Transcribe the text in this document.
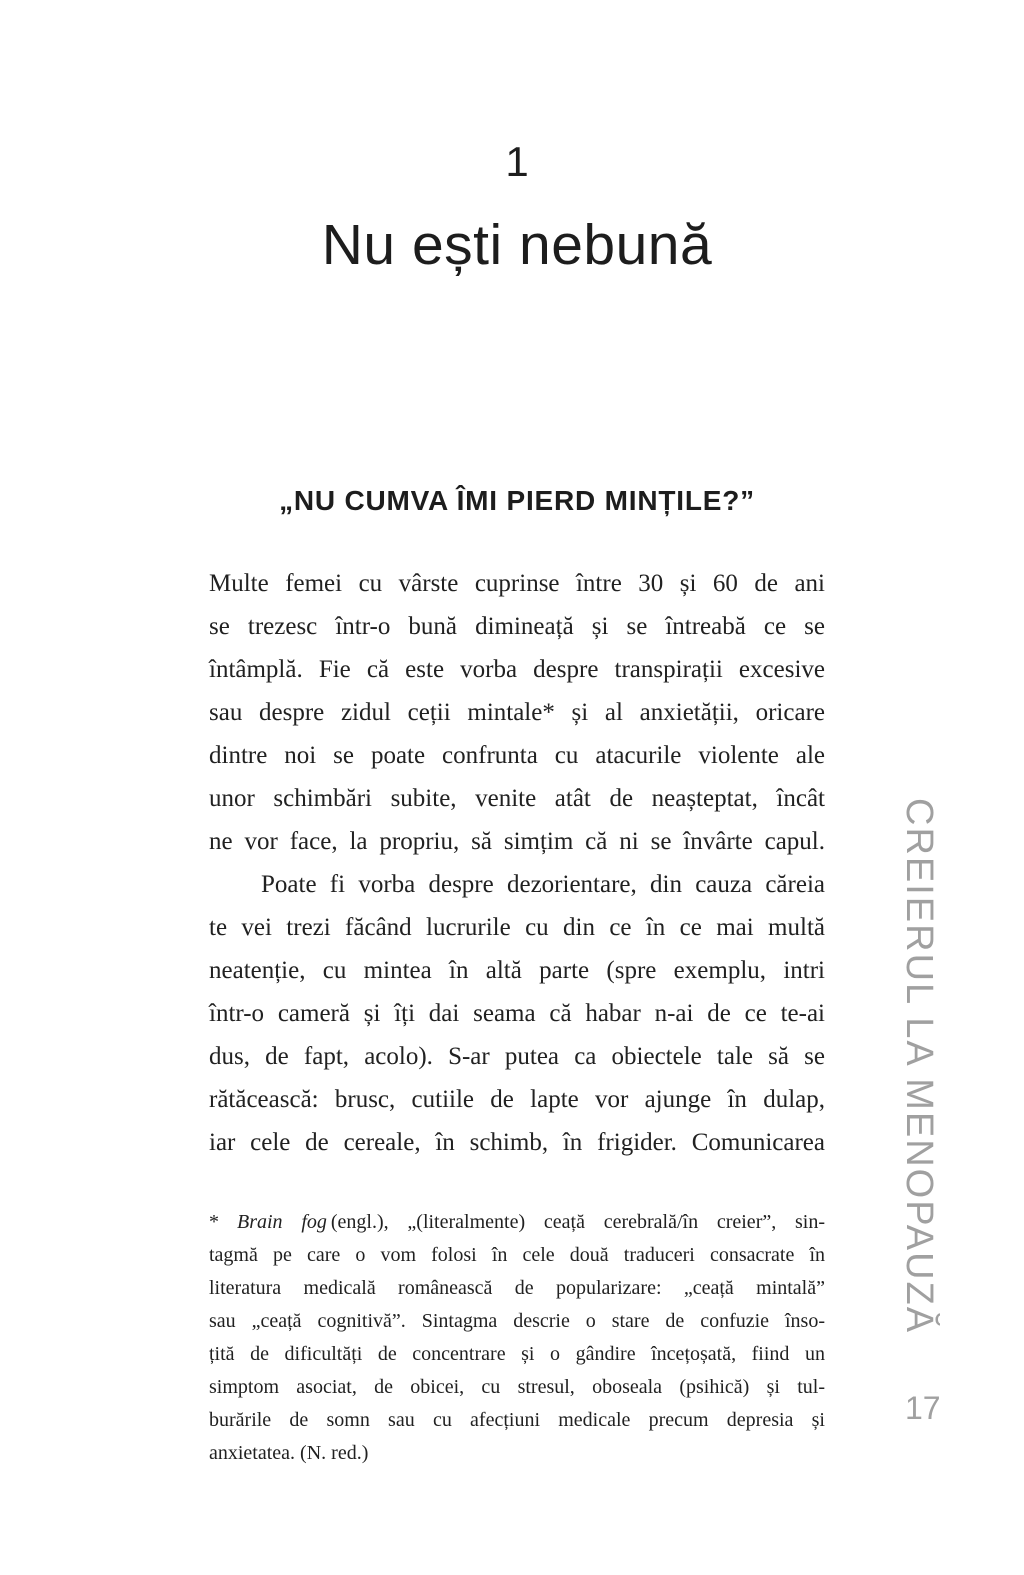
1
Nu ești nebună
„NU CUMVA ÎMI PIERD MINȚILE?”
Multe femei cu vârste cuprinse între 30 și 60 de ani
se trezesc într-o bună dimineață și se întreabă ce se
întâmplă. Fie că este vorba despre transpirații excesive
sau despre zidul ceții mintale* și al anxietății, oricare
dintre noi se poate confrunta cu atacurile violente ale
unor schimbări subite, venite atât de neașteptat, încât
ne vor face, la propriu, să simțim că ni se învârte capul.
Poate fi vorba despre dezorientare, din cauza căreia
te vei trezi făcând lucrurile cu din ce în ce mai multă
neatenție, cu mintea în altă parte (spre exemplu, intri
într-o cameră și îți dai seama că habar n-ai de ce te-ai
dus, de fapt, acolo). S-ar putea ca obiectele tale să se
rătăcească: brusc, cutiile de lapte vor ajunge în dulap,
iar cele de cereale, în schimb, în frigider. Comunicarea
* Brain fog (engl.), „(literalmente) ceață cerebrală/în creier”, sin-
tagmă pe care o vom folosi în cele două traduceri consacrate în
literatura medicală românească de popularizare: „ceață mintală”
sau „ceață cognitivă”. Sintagma descrie o stare de confuzie înso-
țită de dificultăți de concentrare și o gândire încețoșată, fiind un
simptom asociat, de obicei, cu stresul, oboseala (psihică) și tul-
burările de somn sau cu afecțiuni medicale precum depresia și
anxietatea. (N. red.)
CREIERUL LA MENOPAUZĂ
17
